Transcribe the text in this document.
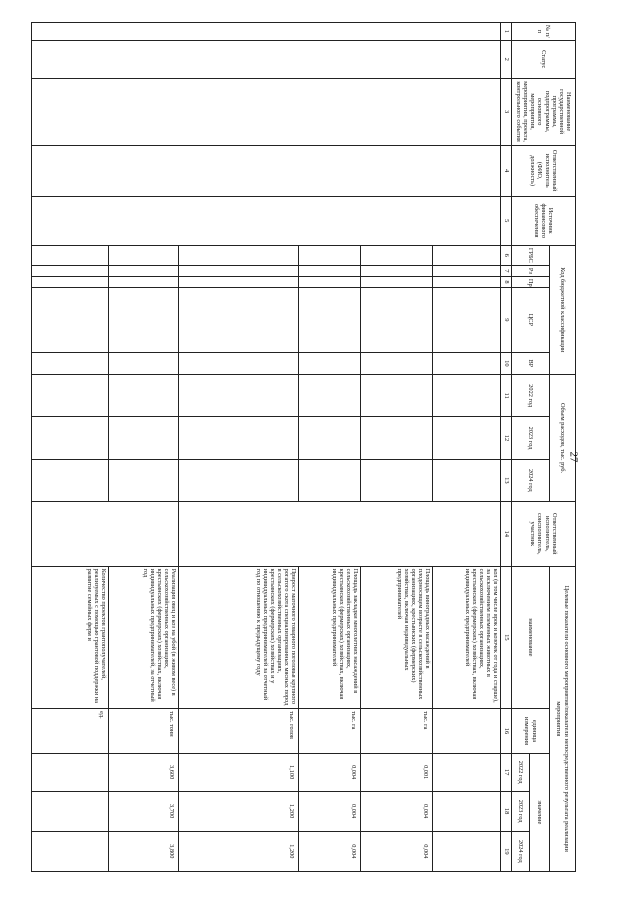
№ п/п	Статус	Наименование государственной программы, подпрограммы, основного мероприятия, мероприятия, проекта, контрольного события	Ответственный исполнитель (ФИО, должность)	Источник финансового обеспечения	Код бюджетной классификации					Объем расходов, тыс. руб.			Ответственный исполнитель, соисполнитель, участник	Целевые показатели основного мероприятия/показатели непосредственного результата реализации мероприятия				
					ГРБС	Рз	Пр	ЦСР	ВР	2022 год	2023 год	2024 год		наименование	единица измерения	значение		
																2022 год	2023 год	2024 год
1	2	3	4	5	6	7	8	9	10	11	12	13	14	15	16	17	18	19
														кол (в том числе ярок и козочек от года и старше), за исключением племенных животных в сельскохозяйственных организациях, крестьянских (фермерских) хозяйствах, включая индивидуальных предпринимателей				
														Площадь виноградных насаждений в плодоносящем возрасте в сельскохозяйственных организациях, крестьянских (фермерских) хозяйствах, включая индивидуальных предпринимателей	тыс. га	0,001	0,004	0,004
														Площадь закладки многолетних насаждений в сельскохозяйственных организациях, крестьянских (фермерских) хозяйствах, включая индивидуальных предпринимателей	тыс. га	0,004	0,004	0,004
														Прирост маточного товарного поголовья крупного рогатого скота специализированных мясных пород в сельскохозяйственных организациях, крестьянских (фермерских) хозяйствах и у индивидуальных предпринимателей за отчетный год по отношению к предыдущему году	тыс. голов	1,100	1,200	1,200
														Реализация овец и коз на убой (в живом весе) в сельскохозяйственных организациях, крестьянских (фермерских) хозяйствах, включая индивидуальных предпринимателей, за отчетный год	тыс. тонн	3,600	3,700	3,800
														Количество проектов грантополучателей, реализуемых с помощью грантовой поддержки на развитие семейных ферм и	ед.			
27
